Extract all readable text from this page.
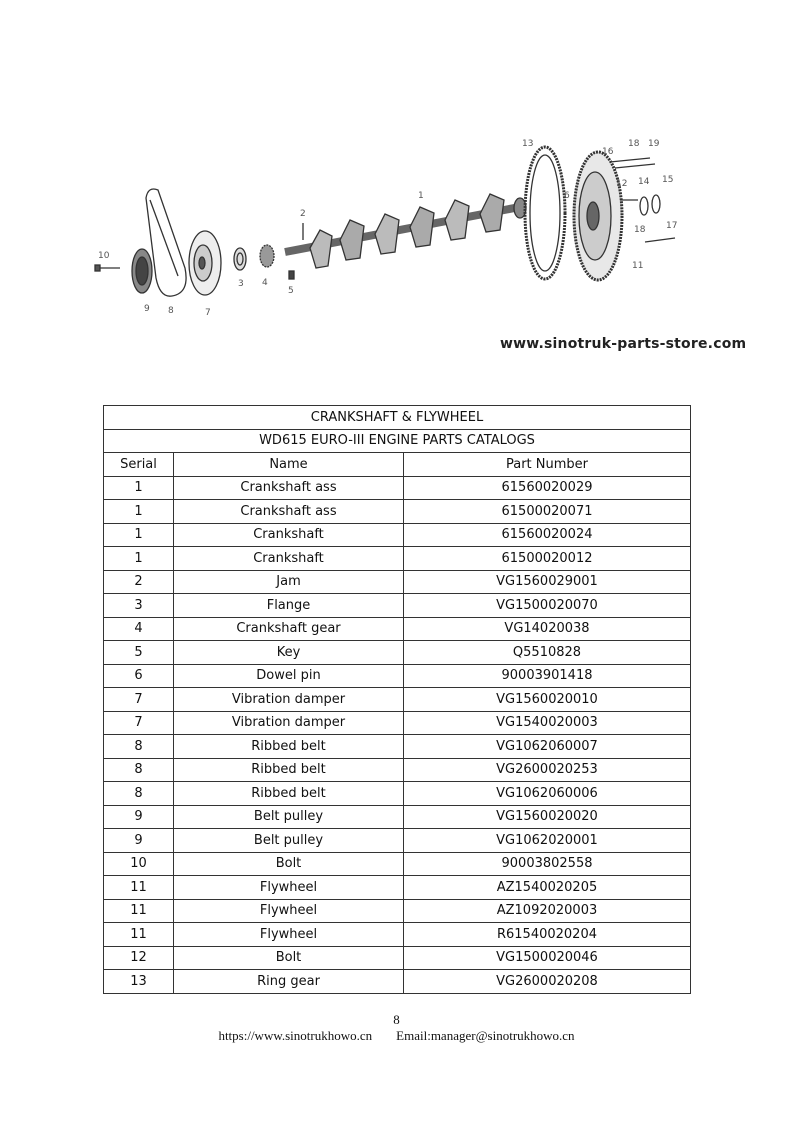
10
9 8	7
3 4
5
2
1
13
6
16
18 19
12 14 15
18 17
11
www.sinotruk-parts-store.com
CRANKSHAFT & FLYWHEEL		
WD615 EURO-III ENGINE PARTS CATALOGS		
Serial	Name	Part Number
1	Crankshaft ass	61560020029
1	Crankshaft ass	61500020071
1	Crankshaft	61560020024
1	Crankshaft	61500020012
2	Jam	VG1560029001
3	Flange	VG1500020070
4	Crankshaft gear	VG14020038
5	Key	Q5510828
6	Dowel pin	90003901418
7	Vibration damper	VG1560020010
7	Vibration damper	VG1540020003
8	Ribbed belt	VG1062060007
8	Ribbed belt	VG2600020253
8	Ribbed belt	VG1062060006
9	Belt pulley	VG1560020020
9	Belt pulley	VG1062020001
10	Bolt	90003802558
11	Flywheel	AZ1540020205
11	Flywheel	AZ1092020003
11	Flywheel	R61540020204
12	Bolt	VG1500020046
13	Ring gear	VG2600020208
8
https://www.sinotrukhowo.cn Email:manager@sinotrukhowo.cn
